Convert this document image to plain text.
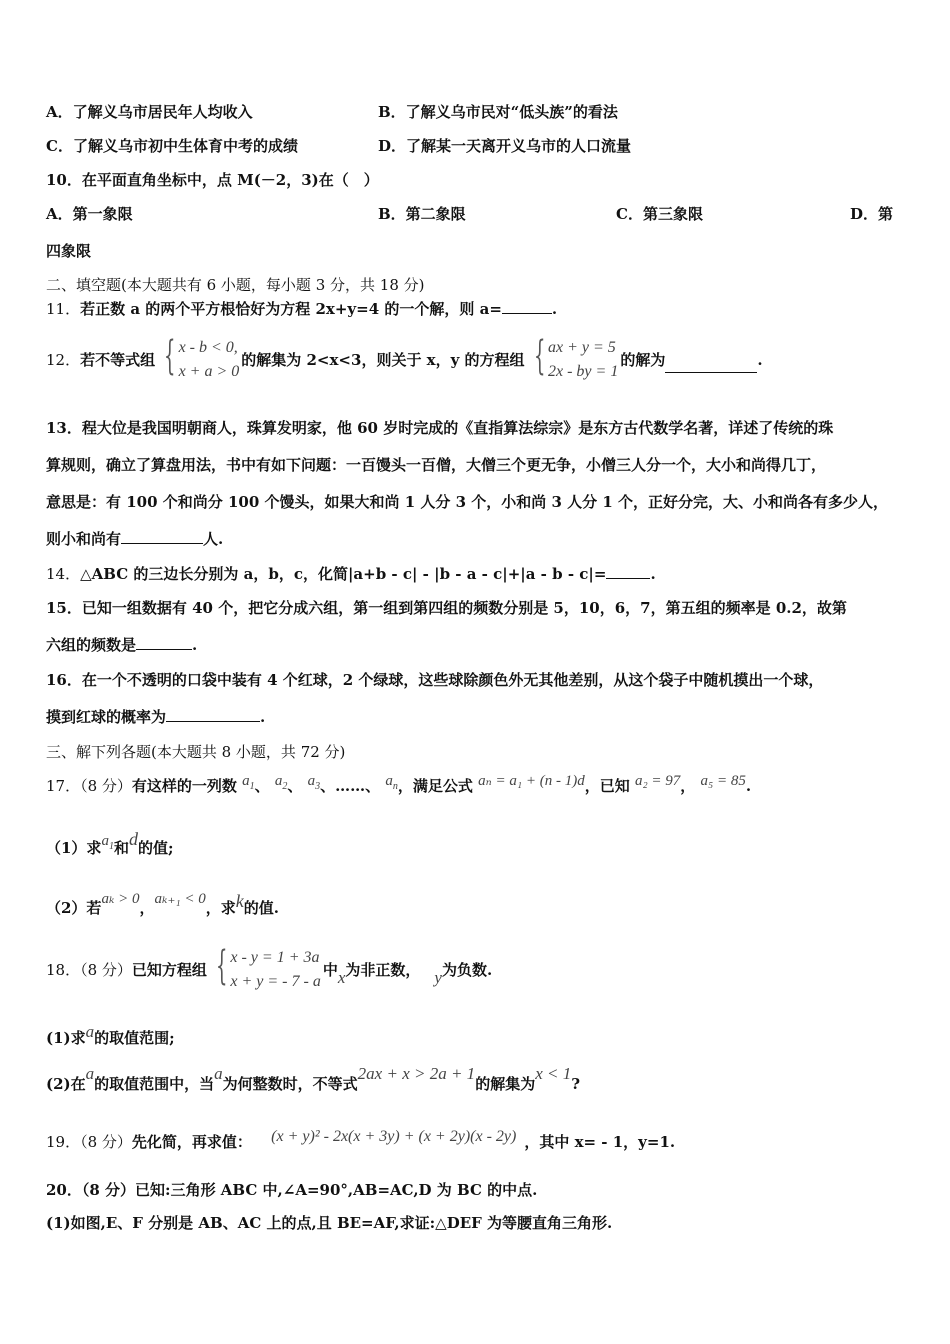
A．了解义乌市居民年人均收入	B．了解义乌市民对“低头族”的看法
C．了解义乌市初中生体育中考的成绩	D．了解某一天离开义乌市的人口流量
10．在平面直角坐标中，点 M(－2，3)在（　）
A．第一象限	B．第二象限	C．第三象限	D．第
四象限
二、填空题(本大题共有 6 小题，每小题 3 分，共 18 分)
11．若正数 a 的两个平方根恰好为方程 2x+y=4 的一个解，则 a=	.
12． 若不等式组 { x - b < 0,
x + a > 0
的解集为 2<x<3，则关于 x，y 的方程组 { ax + y = 5
2x - by = 1
的解为	.
13．程大位是我国明朝商人，珠算发明家，他 60 岁时完成的《直指算法综宗》是东方古代数学名著，详述了传统的珠
算规则，确立了算盘用法，书中有如下问题：一百馒头一百僧，大僧三个更无争，小僧三人分一个，大小和尚得几丁，
意思是：有 100 个和尚分 100 个馒头，如果大和尚 1 人分 3 个，小和尚 3 人分 1 个，正好分完，大、小和尚各有多少人，
则小和尚有	人.
14．△ABC 的三边长分别为 a，b，c，化简|a+b - c| - |b - a - c|+|a - b - c|=	.
15．已知一组数据有 40 个，把它分成六组，第一组到第四组的频数分别是 5，10，6，7，第五组的频率是 0.2，故第
六组的频数是	.
16．在一个不透明的口袋中装有 4 个红球，2 个绿球，这些球除颜色外无其他差别，从这个袋子中随机摸出一个球，
摸到红球的概率为	.
三、解下列各题(本大题共 8 小题，共 72 分)
17．（8 分）有这样的一列数 $a_1$、 $a_2$、 $a_3$、……、 $a_n$，满足公式 aₙ = a₁ + (n - 1)d，已知 a₂ = 97， a₅ = 85.
（1）求$a_1$和d的值;
（2）若aₖ > 0，aₖ₊₁ < 0，求k的值.
18．（8 分） 已知方程组 { x - y = 1 + 3a
x + y = - 7 - a
中 x 为非正数， y 为负数.
(1)求a的取值范围;
(2)在a的取值范围中，当a为何整数时，不等式2ax + x > 2a + 1的解集为x < 1?
19．（8 分）先化简，再求值： (x + y)² - 2x(x + 3y) + (x + 2y)(x - 2y) ，其中 x= - 1，y=1.
20．（8 分）已知:三角形 ABC 中,∠A=90°,AB=AC,D 为 BC 的中点.
(1)如图,E、F 分别是 AB、AC 上的点,且 BE=AF,求证:△DEF 为等腰直角三角形.
